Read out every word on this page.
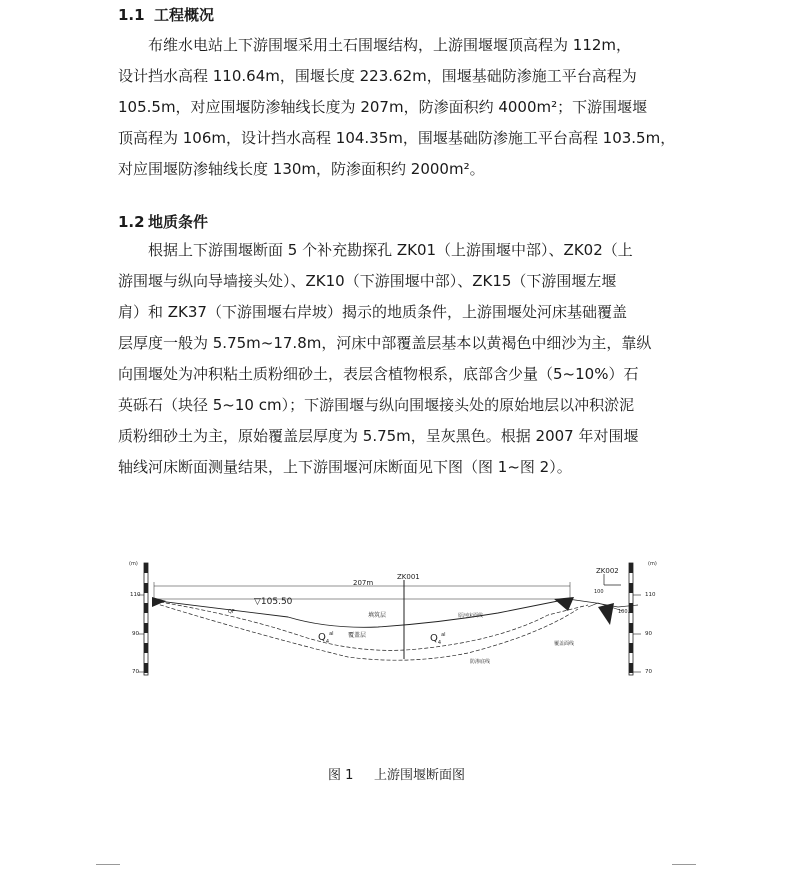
1.1 工程概况

布维水电站上下游围堰采用土石围堰结构，上游围堰堰顶高程为 112m，
设计挡水高程 110.64m，围堰长度 223.62m，围堰基础防渗施工平台高程为
105.5m，对应围堰防渗轴线长度为 207m，防渗面积约 4000m²；下游围堰堰
顶高程为 106m，设计挡水高程 104.35m，围堰基础防渗施工平台高程 103.5m，
对应围堰防渗轴线长度 130m，防渗面积约 2000m²。

1.2 地质条件

根据上下游围堰断面 5 个补充勘探孔 ZK01（上游围堰中部）、ZK02（上
游围堰与纵向导墙接头处）、ZK10（下游围堰中部）、ZK15（下游围堰左堰
肩）和 ZK37（下游围堰右岸坡）揭示的地质条件，上游围堰处河床基础覆盖
层厚度一般为 5.75m~17.8m，河床中部覆盖层基本以黄褐色中细沙为主，靠纵
向围堰处为冲积粘土质粉细砂土，表层含植物根系，底部含少量（5~10%）石
英砾石（块径 5~10 cm）；下游围堰与纵向围堰接头处的原始地层以冲积淤泥
质粉细砂土为主，原始覆盖层厚度为 5.75m，呈灰黑色。根据 2007 年对围堰
轴线河床断面测量结果，上下游围堰河床断面见下图（图 1~图 2）。

(m)
110
90
70
(m)
110
90
70
207m
ZK001
ZK002
▽105.50
QF	填筑层	原河床面线
$Q_4^{al}$ 覆盖层	$Q_4^{al}$
覆盖面线
防渗底线
100.3
100
图 1 上游围堰断面图
